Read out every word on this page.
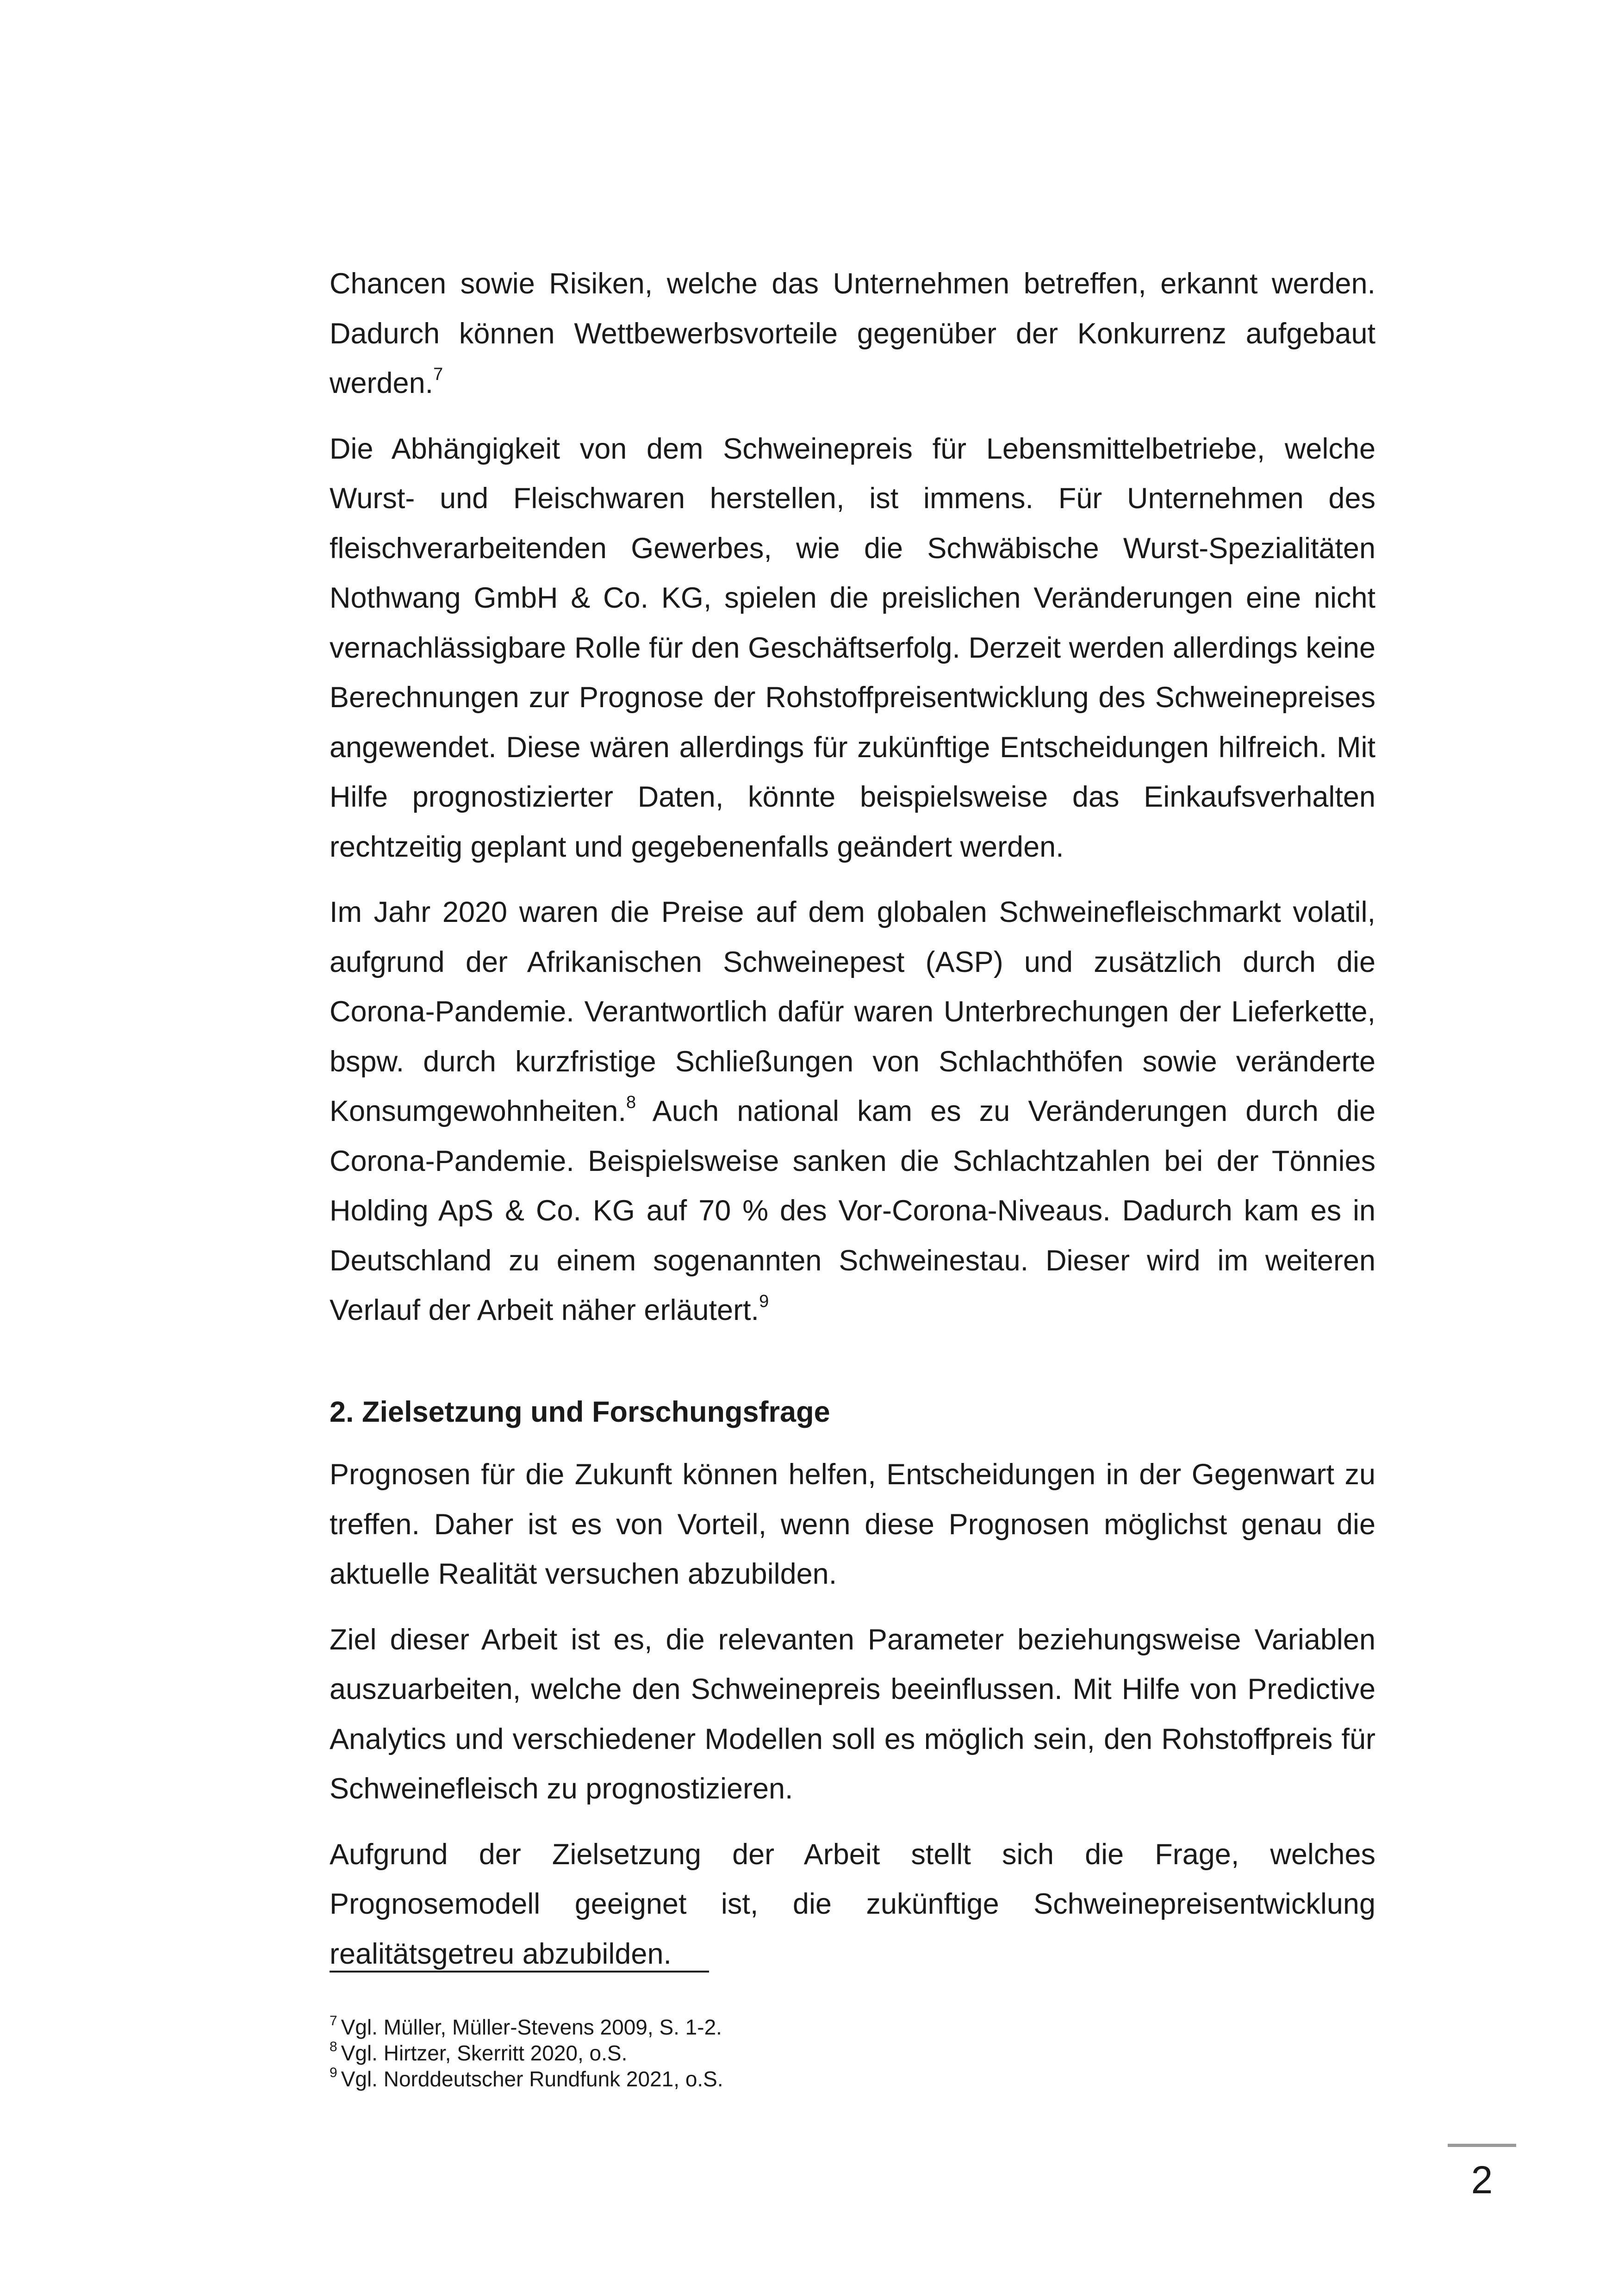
Chancen sowie Risiken, welche das Unternehmen betreffen, erkannt werden. Dadurch können Wettbewerbsvorteile gegenüber der Konkurrenz aufgebaut werden.$^7$

Die Abhängigkeit von dem Schweinepreis für Lebensmittelbetriebe, welche Wurst- und Fleischwaren herstellen, ist immens. Für Unternehmen des fleischverarbeitenden Gewerbes, wie die Schwäbische Wurst-Spezialitäten Nothwang GmbH & Co. KG, spielen die preislichen Veränderungen eine nicht vernachlässigbare Rolle für den Geschäftserfolg. Derzeit werden allerdings keine Berechnungen zur Prognose der Rohstoffpreisentwicklung des Schweinepreises angewendet. Diese wären allerdings für zukünftige Entscheidungen hilfreich. Mit Hilfe prognostizierter Daten, könnte beispielsweise das Einkaufsverhalten rechtzeitig geplant und gegebenenfalls geändert werden.

Im Jahr 2020 waren die Preise auf dem globalen Schweinefleischmarkt volatil, aufgrund der Afrikanischen Schweinepest (ASP) und zusätzlich durch die Corona-Pandemie. Verantwortlich dafür waren Unterbrechungen der Lieferkette, bspw. durch kurzfristige Schließungen von Schlachthöfen sowie veränderte Konsumgewohnheiten.$^8$ Auch national kam es zu Veränderungen durch die Corona-Pandemie. Beispielsweise sanken die Schlachtzahlen bei der Tönnies Holding ApS & Co. KG auf 70 % des Vor-Corona-Niveaus. Dadurch kam es in Deutschland zu einem sogenannten Schweinestau. Dieser wird im weiteren Verlauf der Arbeit näher erläutert.$^9$

2. Zielsetzung und Forschungsfrage

Prognosen für die Zukunft können helfen, Entscheidungen in der Gegenwart zu treffen. Daher ist es von Vorteil, wenn diese Prognosen möglichst genau die aktuelle Realität versuchen abzubilden.

Ziel dieser Arbeit ist es, die relevanten Parameter beziehungsweise Variablen auszuarbeiten, welche den Schweinepreis beeinflussen. Mit Hilfe von Predictive Analytics und verschiedener Modellen soll es möglich sein, den Rohstoffpreis für Schweinefleisch zu prognostizieren.

Aufgrund der Zielsetzung der Arbeit stellt sich die Frage, welches Prognosemodell geeignet ist, die zukünftige Schweinepreisentwicklung realitätsgetreu abzubilden.

$^7$ Vgl. Müller, Müller-Stevens 2009, S. 1-2.
$^8$ Vgl. Hirtzer, Skerritt 2020, o.S.
$^9$ Vgl. Norddeutscher Rundfunk 2021, o.S.
2
